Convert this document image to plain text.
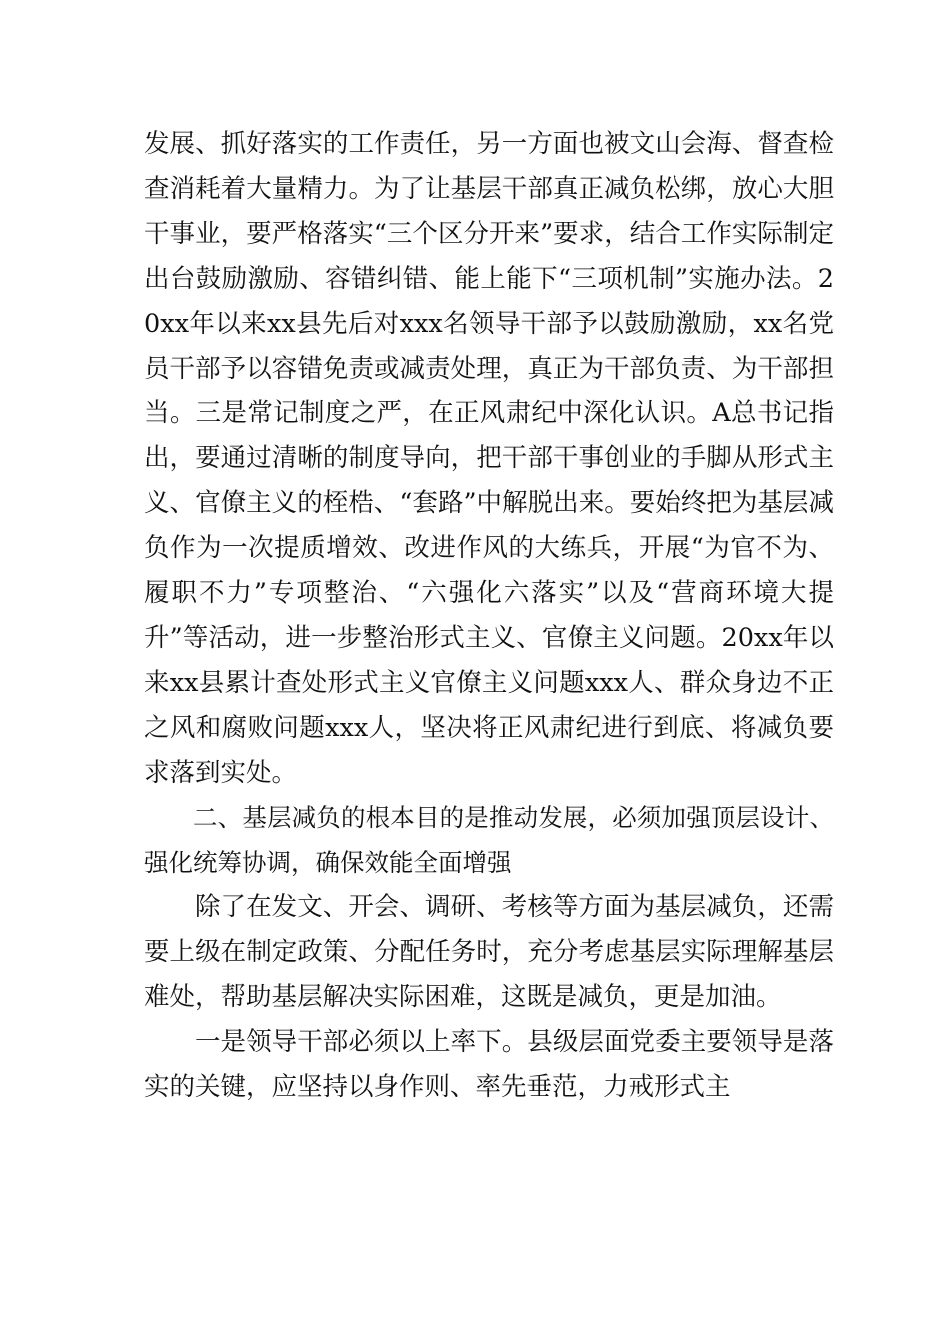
发展、抓好落实的工作责任，另一方面也被文山会海、督查检查消耗着大量精力。为了让基层干部真正减负松绑，放心大胆干事业，要严格落实“三个区分开来”要求，结合工作实际制定出台鼓励激励、容错纠错、能上能下“三项机制”实施办法。20xx年以来xx县先后对xxx名领导干部予以鼓励激励，xx名党员干部予以容错免责或减责处理，真正为干部负责、为干部担当。三是常记制度之严，在正风肃纪中深化认识。A总书记指出，要通过清晰的制度导向，把干部干事创业的手脚从形式主义、官僚主义的桎梏、“套路”中解脱出来。要始终把为基层减负作为一次提质增效、改进作风的大练兵，开展“为官不为、履职不力”专项整治、“六强化六落实”以及“营商环境大提升”等活动，进一步整治形式主义、官僚主义问题。20xx年以来xx县累计查处形式主义官僚主义问题xxx人、群众身边不正之风和腐败问题xxx人，坚决将正风肃纪进行到底、将减负要求落到实处。

二、基层减负的根本目的是推动发展，必须加强顶层设计、强化统筹协调，确保效能全面增强

除了在发文、开会、调研、考核等方面为基层减负，还需要上级在制定政策、分配任务时，充分考虑基层实际理解基层难处，帮助基层解决实际困难，这既是减负，更是加油。

一是领导干部必须以上率下。县级层面党委主要领导是落实的关键，应坚持以身作则、率先垂范，力戒形式主
